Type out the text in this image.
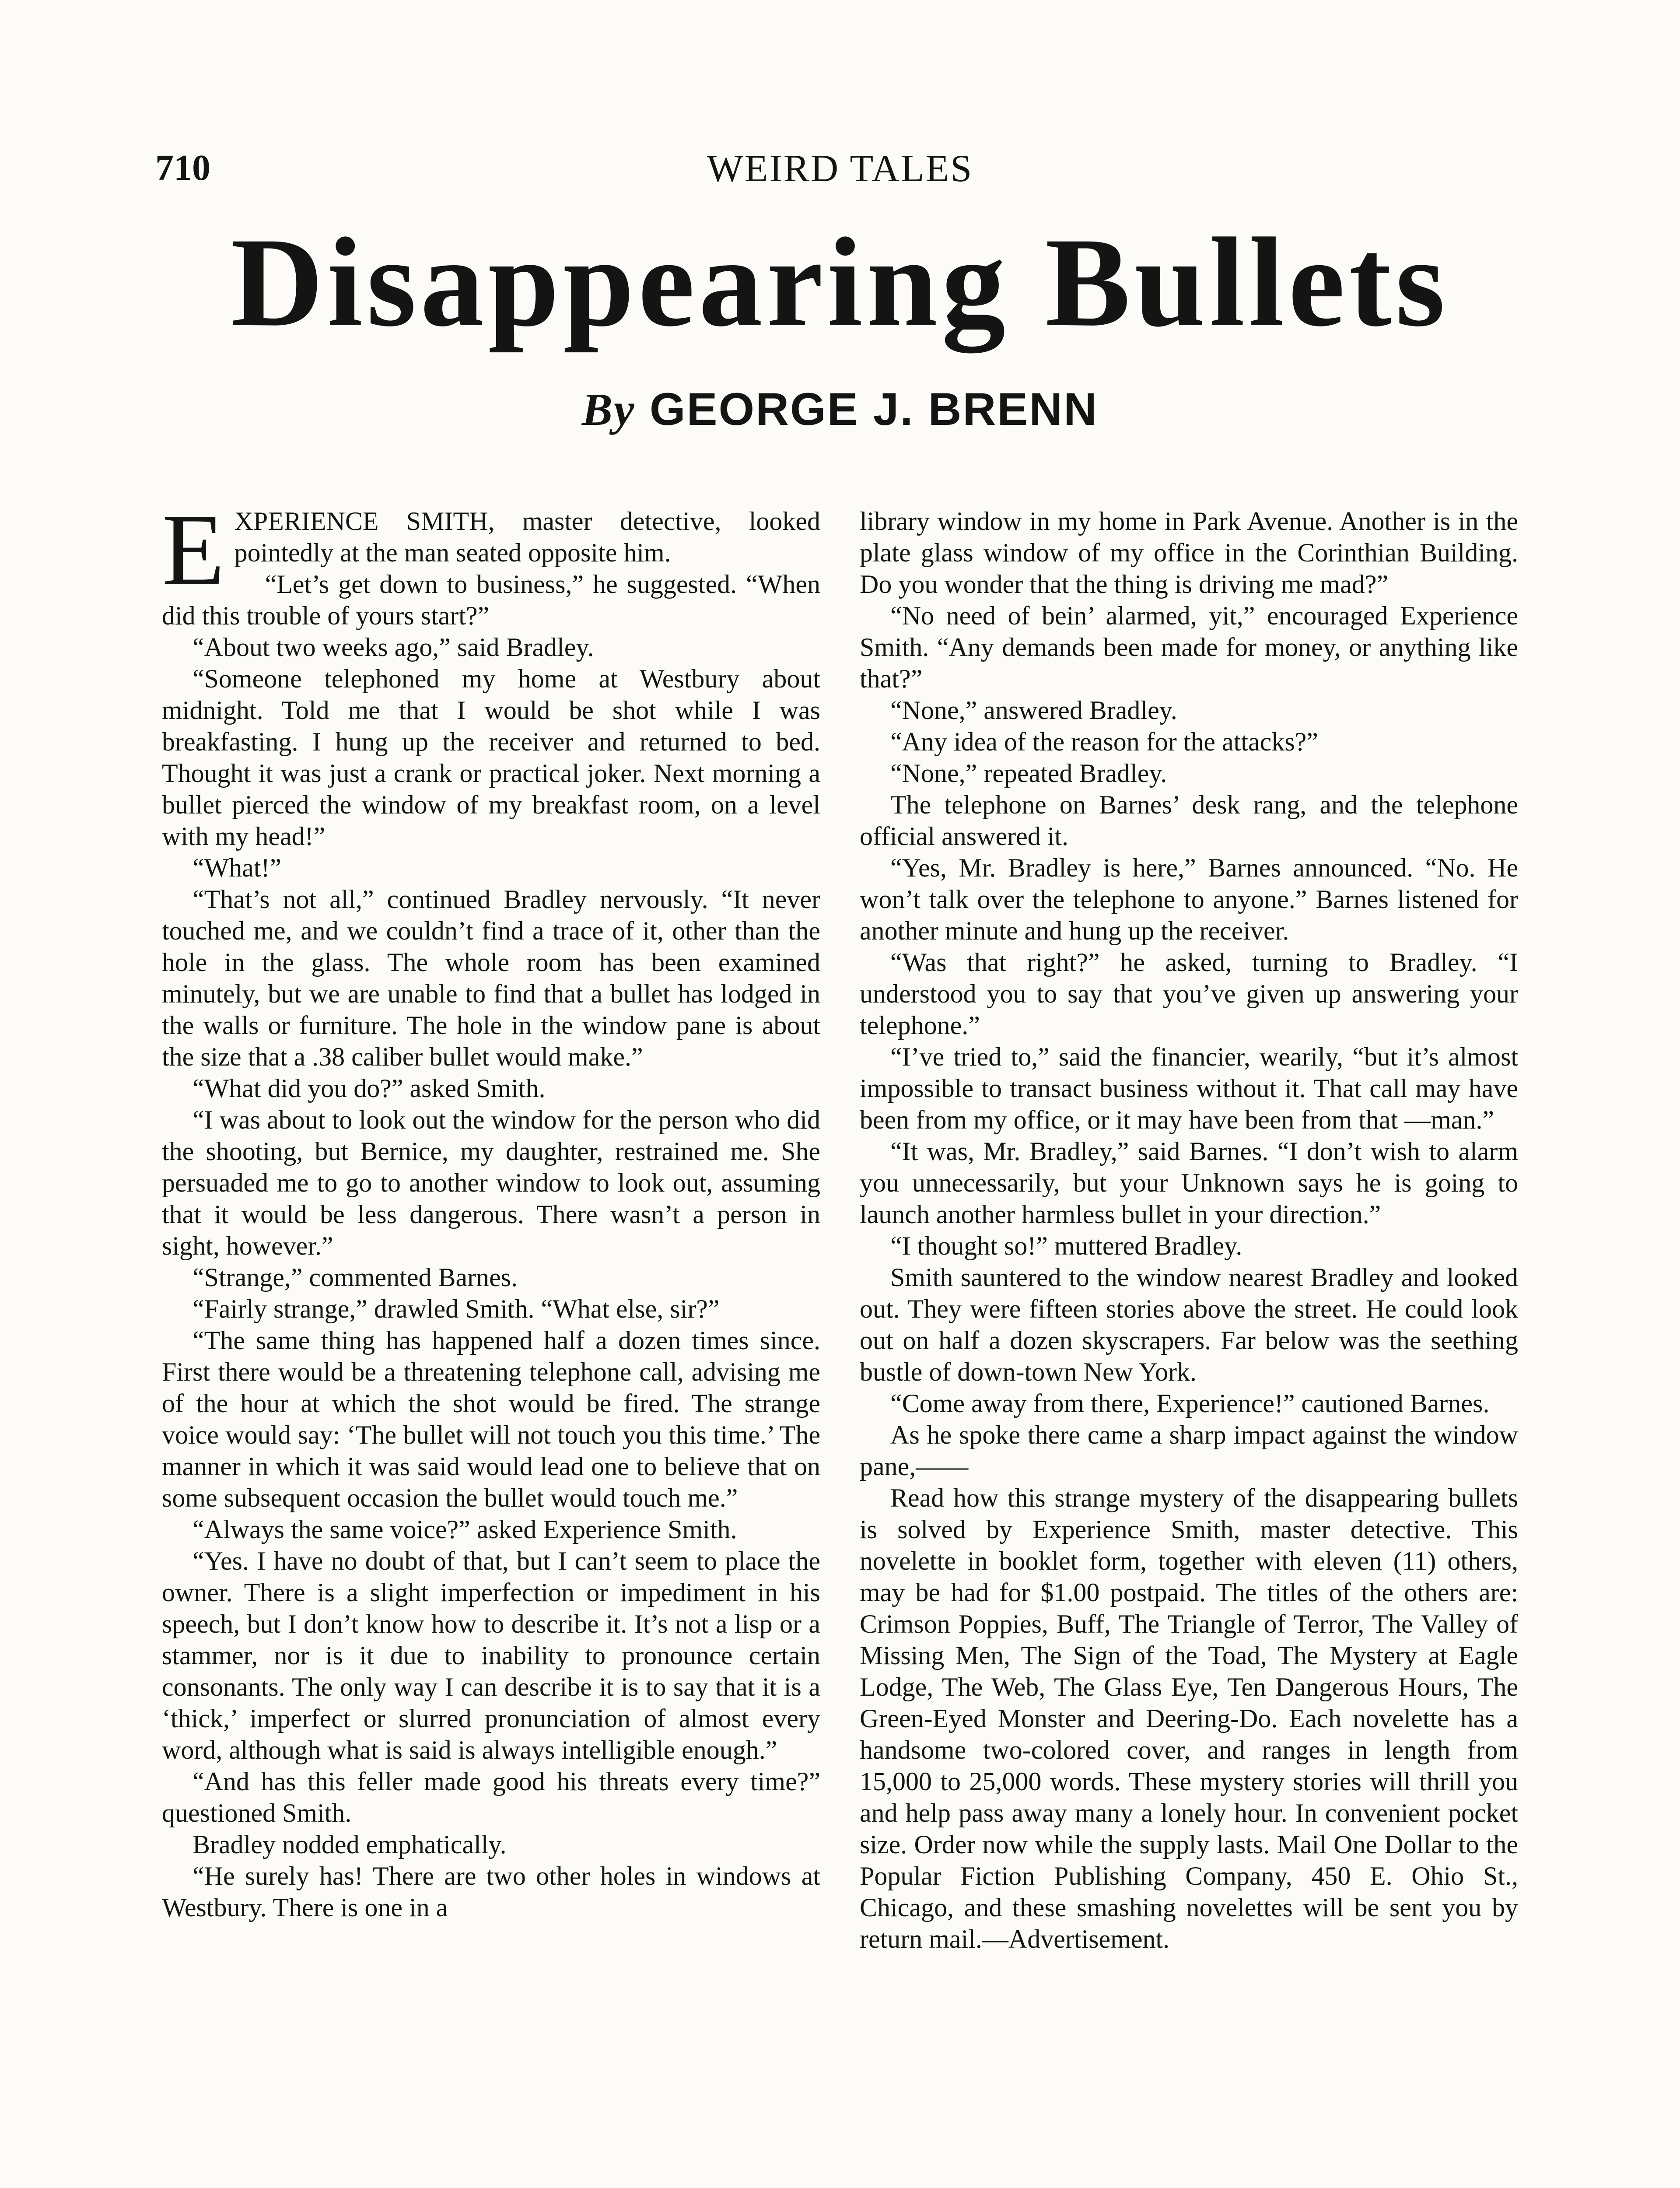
710	WEIRD TALES
Disappearing Bullets
By GEORGE J. BRENN

EXPERIENCE SMITH, master detective, looked pointedly at the man seated opposite him.

“Let’s get down to business,” he suggested. “When did this trouble of yours start?”

“About two weeks ago,” said Bradley.

“Someone telephoned my home at Westbury about midnight. Told me that I would be shot while I was breakfasting. I hung up the receiver and returned to bed. Thought it was just a crank or practical joker. Next morning a bullet pierced the window of my breakfast room, on a level with my head!”

“What!”

“That’s not all,” continued Bradley nervously. “It never touched me, and we couldn’t find a trace of it, other than the hole in the glass. The whole room has been examined minutely, but we are unable to find that a bullet has lodged in the walls or furniture. The hole in the window pane is about the size that a .38 caliber bullet would make.”

“What did you do?” asked Smith.

“I was about to look out the window for the person who did the shooting, but Bernice, my daughter, restrained me. She persuaded me to go to another window to look out, assuming that it would be less dangerous. There wasn’t a person in sight, however.”

“Strange,” commented Barnes.

“Fairly strange,” drawled Smith. “What else, sir?”

“The same thing has happened half a dozen times since. First there would be a threatening telephone call, advising me of the hour at which the shot would be fired. The strange voice would say: ‘The bullet will not touch you this time.’ The manner in which it was said would lead one to believe that on some subsequent occasion the bullet would touch me.”

“Always the same voice?” asked Experience Smith.

“Yes. I have no doubt of that, but I can’t seem to place the owner. There is a slight imperfection or impediment in his speech, but I don’t know how to describe it. It’s not a lisp or a stammer, nor is it due to inability to pronounce certain consonants. The only way I can describe it is to say that it is a ‘thick,’ imperfect or slurred pronunciation of almost every word, although what is said is always intelligible enough.”

“And has this feller made good his threats every time?” questioned Smith.

Bradley nodded emphatically.

“He surely has! There are two other holes in windows at Westbury. There is one in a

library window in my home in Park Avenue. Another is in the plate glass window of my office in the Corinthian Building. Do you wonder that the thing is driving me mad?”

“No need of bein’ alarmed, yit,” encouraged Experience Smith. “Any demands been made for money, or anything like that?”

“None,” answered Bradley.

“Any idea of the reason for the attacks?”

“None,” repeated Bradley.

The telephone on Barnes’ desk rang, and the telephone official answered it.

“Yes, Mr. Bradley is here,” Barnes announced. “No. He won’t talk over the telephone to anyone.” Barnes listened for another minute and hung up the receiver.

“Was that right?” he asked, turning to Bradley. “I understood you to say that you’ve given up answering your telephone.”

“I’ve tried to,” said the financier, wearily, “but it’s almost impossible to transact business without it. That call may have been from my office, or it may have been from that —man.”

“It was, Mr. Bradley,” said Barnes. “I don’t wish to alarm you unnecessarily, but your Unknown says he is going to launch another harmless bullet in your direction.”

“I thought so!” muttered Bradley.

Smith sauntered to the window nearest Bradley and looked out. They were fifteen stories above the street. He could look out on half a dozen skyscrapers. Far below was the seething bustle of down-town New York.

“Come away from there, Experience!” cautioned Barnes.

As he spoke there came a sharp impact against the window pane,——

Read how this strange mystery of the disappearing bullets is solved by Experience Smith, master detective. This novelette in booklet form, together with eleven (11) others, may be had for $1.00 postpaid. The titles of the others are: Crimson Poppies, Buff, The Triangle of Terror, The Valley of Missing Men, The Sign of the Toad, The Mystery at Eagle Lodge, The Web, The Glass Eye, Ten Dangerous Hours, The Green-Eyed Monster and Deering-Do. Each novelette has a handsome two-colored cover, and ranges in length from 15,000 to 25,000 words. These mystery stories will thrill you and help pass away many a lonely hour. In convenient pocket size. Order now while the supply lasts. Mail One Dollar to the Popular Fiction Publishing Company, 450 E. Ohio St., Chicago, and these smashing novelettes will be sent you by return mail.—Advertisement.
